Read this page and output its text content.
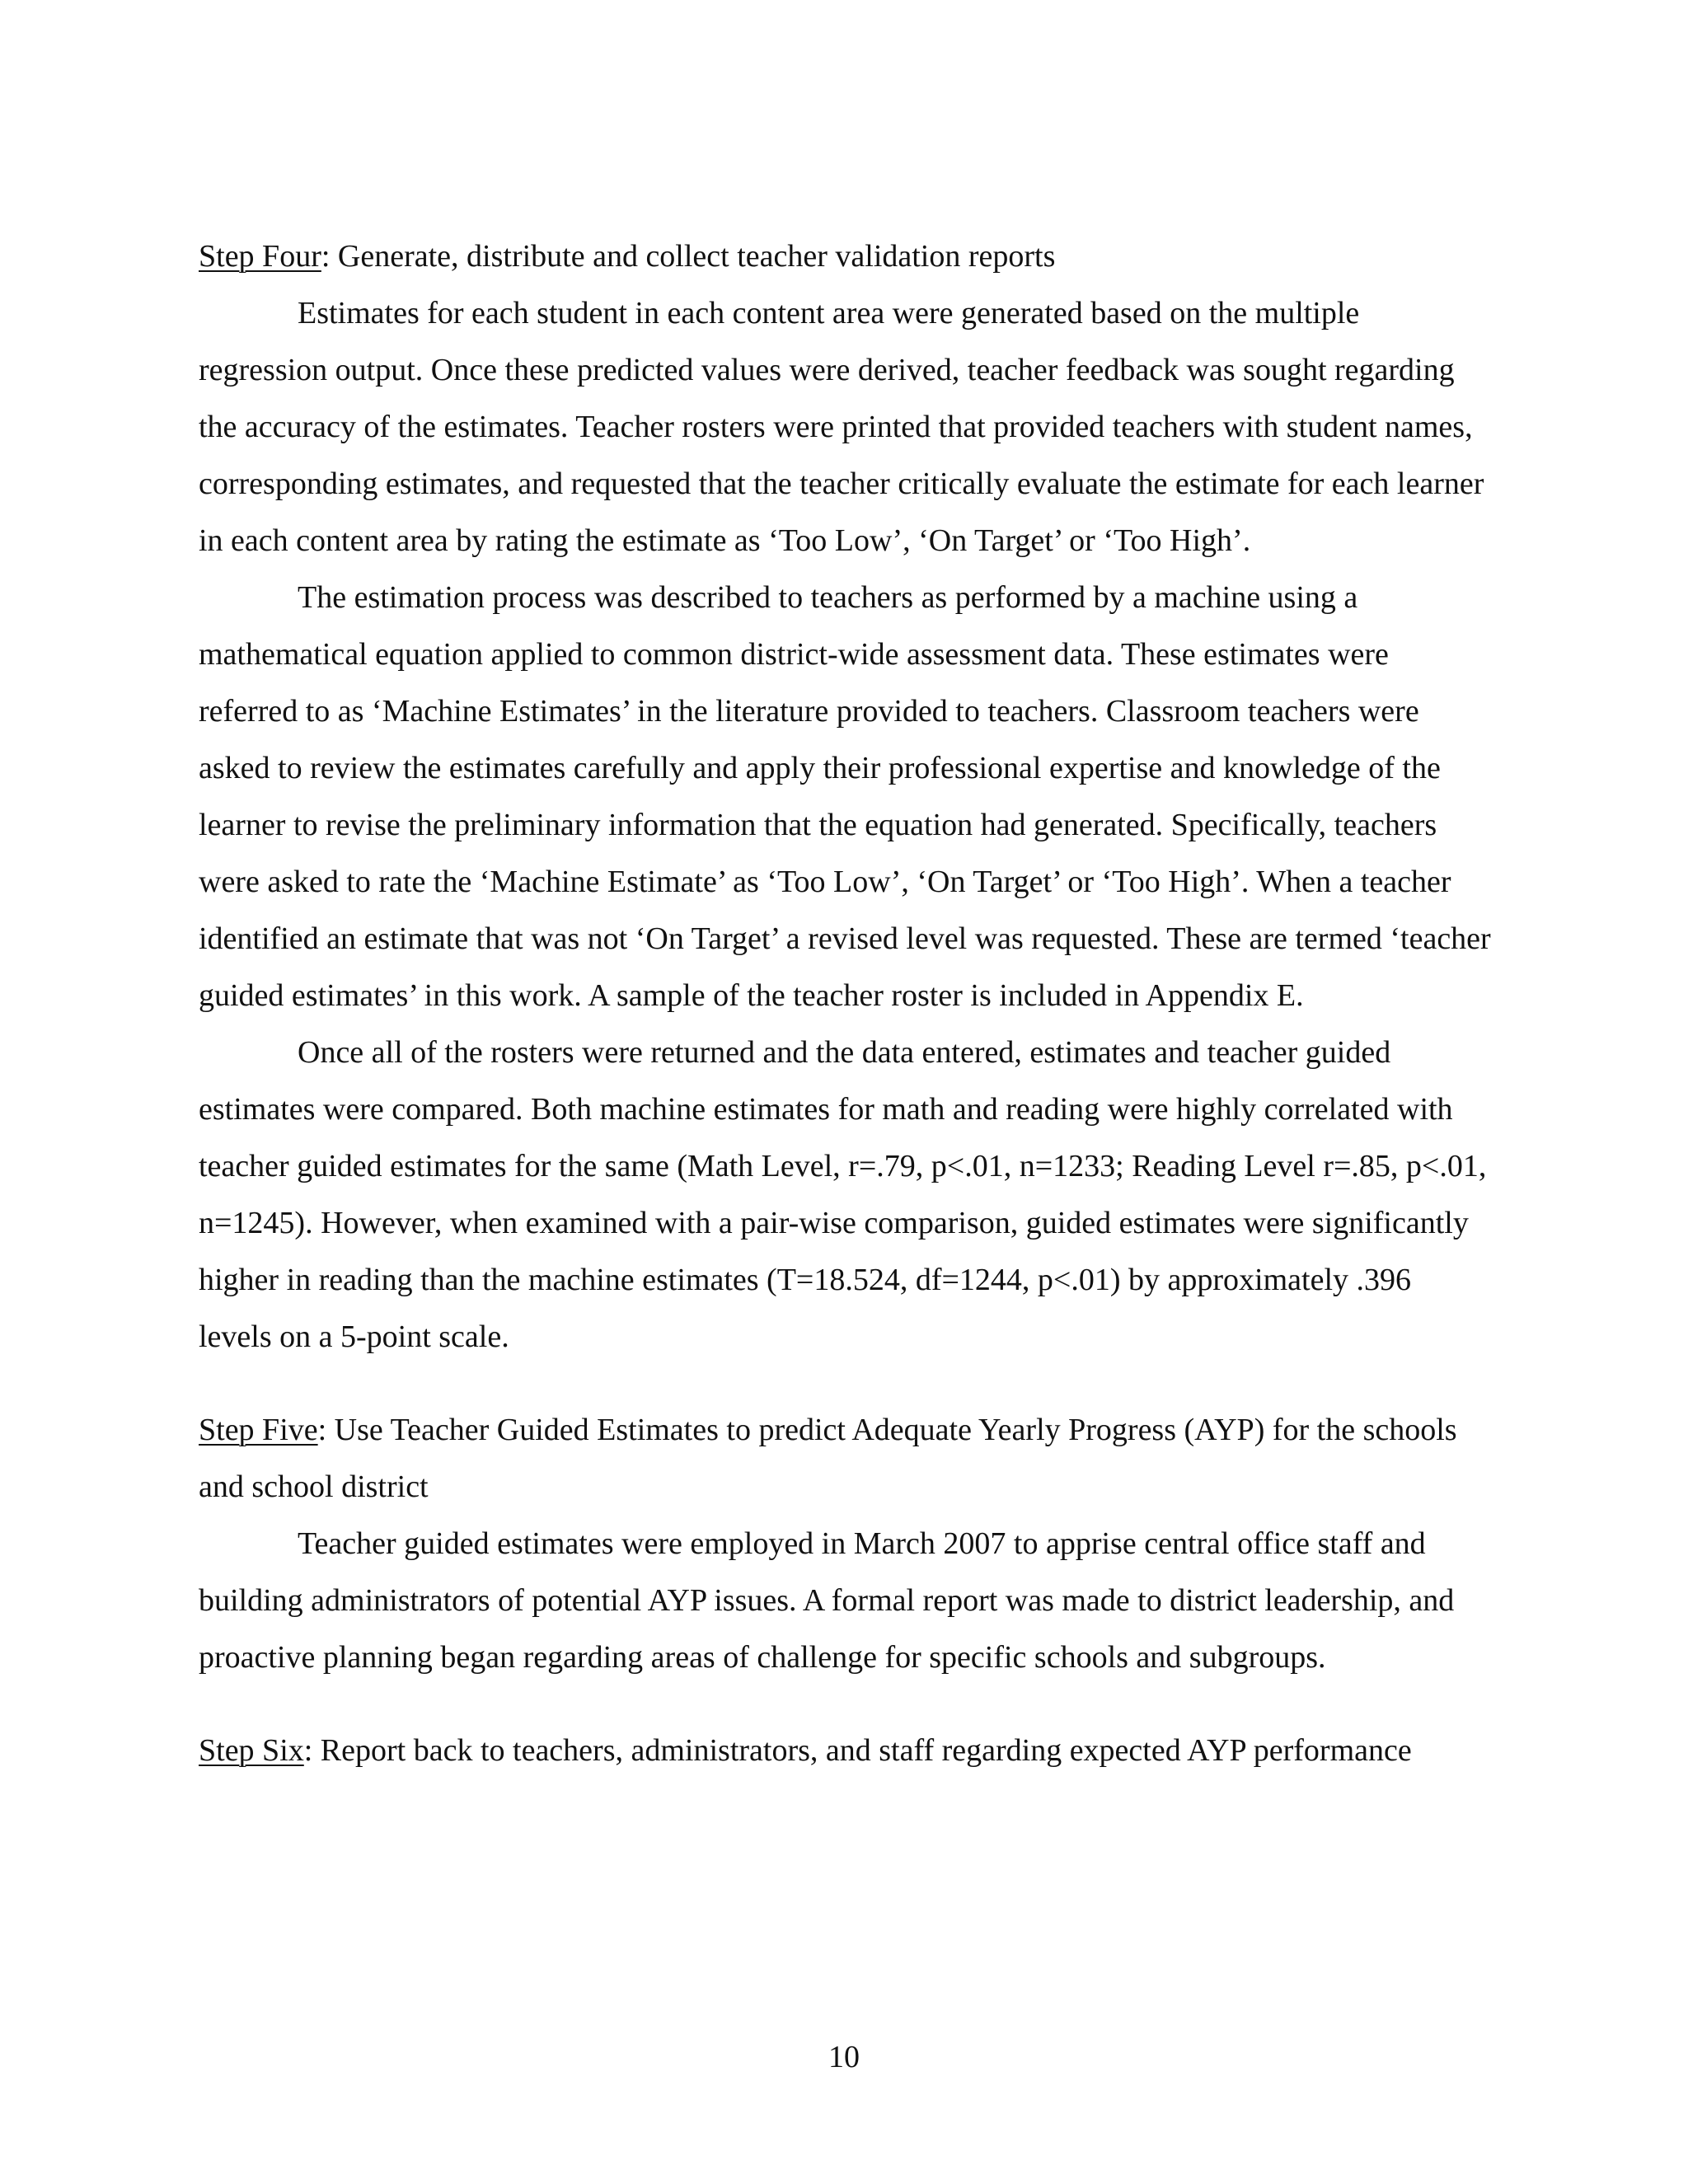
Step Four: Generate, distribute and collect teacher validation reports

Estimates for each student in each content area were generated based on the multiple regression output. Once these predicted values were derived, teacher feedback was sought regarding the accuracy of the estimates. Teacher rosters were printed that provided teachers with student names, corresponding estimates, and requested that the teacher critically evaluate the estimate for each learner in each content area by rating the estimate as ‘Too Low’, ‘On Target’ or ‘Too High’.

The estimation process was described to teachers as performed by a machine using a mathematical equation applied to common district-wide assessment data. These estimates were referred to as ‘Machine Estimates’ in the literature provided to teachers. Classroom teachers were asked to review the estimates carefully and apply their professional expertise and knowledge of the learner to revise the preliminary information that the equation had generated. Specifically, teachers were asked to rate the ‘Machine Estimate’ as ‘Too Low’, ‘On Target’ or ‘Too High’. When a teacher identified an estimate that was not ‘On Target’ a revised level was requested. These are termed ‘teacher guided estimates’ in this work. A sample of the teacher roster is included in Appendix E.

Once all of the rosters were returned and the data entered, estimates and teacher guided estimates were compared. Both machine estimates for math and reading were highly correlated with teacher guided estimates for the same (Math Level, r=.79, p<.01, n=1233; Reading Level r=.85, p<.01, n=1245). However, when examined with a pair-wise comparison, guided estimates were significantly higher in reading than the machine estimates (T=18.524, df=1244, p<.01) by approximately .396 levels on a 5-point scale.

Step Five: Use Teacher Guided Estimates to predict Adequate Yearly Progress (AYP) for the schools and school district

Teacher guided estimates were employed in March 2007 to apprise central office staff and building administrators of potential AYP issues. A formal report was made to district leadership, and proactive planning began regarding areas of challenge for specific schools and subgroups.

Step Six: Report back to teachers, administrators, and staff regarding expected AYP performance

10
